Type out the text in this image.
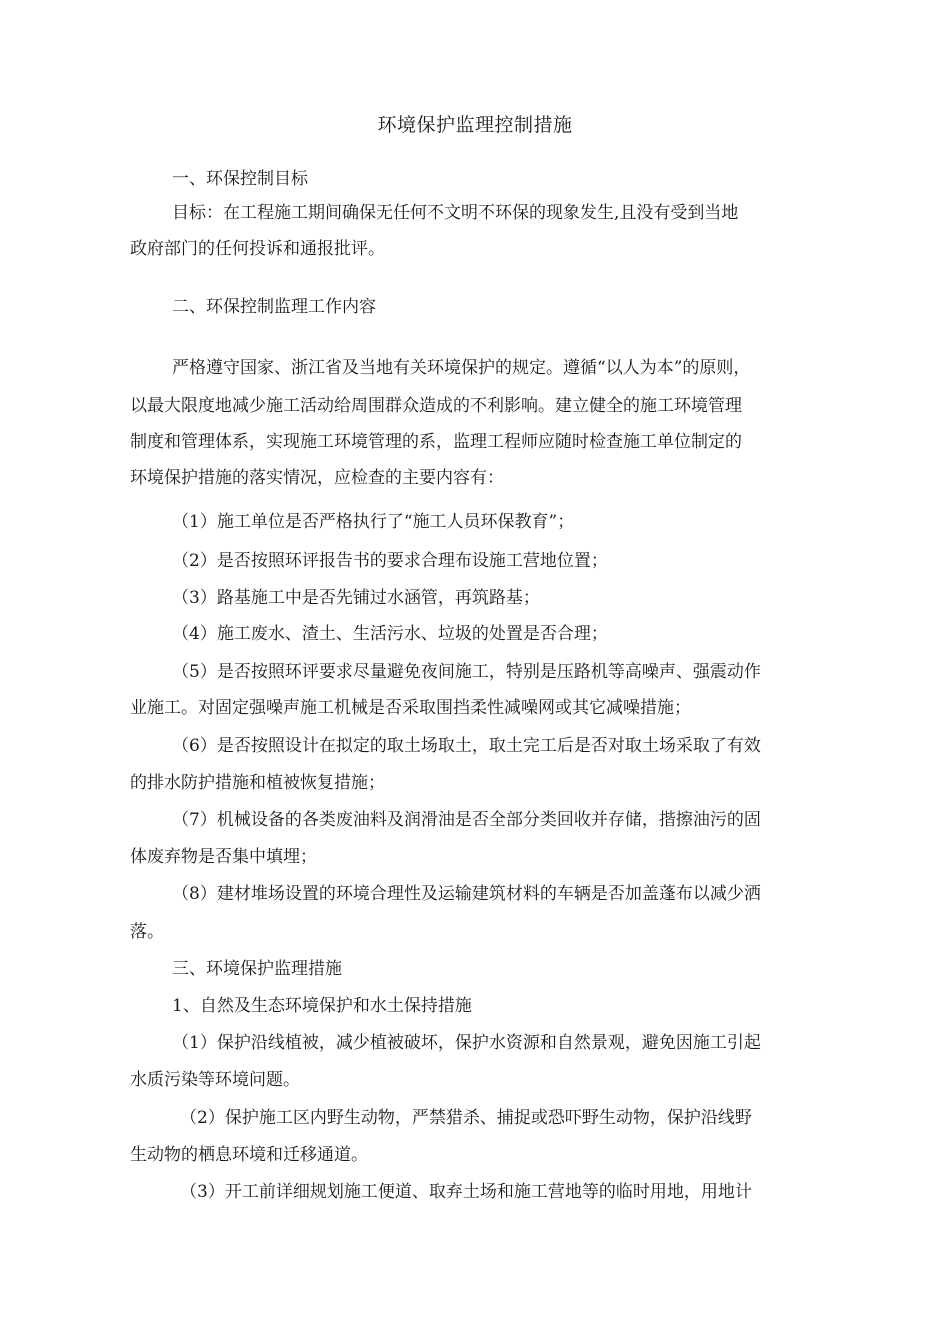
环境保护监理控制措施
一、环保控制目标
目标：在工程施工期间确保无任何不文明不环保的现象发生,且没有受到当地
政府部门的任何投诉和通报批评。
二、环保控制监理工作内容
严格遵守国家、浙江省及当地有关环境保护的规定。遵循“以人为本”的原则，
以最大限度地减少施工活动给周围群众造成的不利影响。建立健全的施工环境管理
制度和管理体系，实现施工环境管理的系，监理工程师应随时检查施工单位制定的
环境保护措施的落实情况，应检查的主要内容有：
（1）施工单位是否严格执行了“施工人员环保教育”；
（2）是否按照环评报告书的要求合理布设施工营地位置；
（3）路基施工中是否先铺过水涵管，再筑路基；
（4）施工废水、渣土、生活污水、垃圾的处置是否合理；
（5）是否按照环评要求尽量避免夜间施工，特别是压路机等高噪声、强震动作
业施工。对固定强噪声施工机械是否采取围挡柔性减噪网或其它减噪措施；
（6）是否按照设计在拟定的取土场取土，取土完工后是否对取土场采取了有效
的排水防护措施和植被恢复措施；
（7）机械设备的各类废油料及润滑油是否全部分类回收并存储，揩擦油污的固
体废弃物是否集中填埋；
（8）建材堆场设置的环境合理性及运输建筑材料的车辆是否加盖蓬布以减少洒
落。
三、环境保护监理措施
1、自然及生态环境保护和水土保持措施
（1）保护沿线植被，减少植被破坏，保护水资源和自然景观，避免因施工引起
水质污染等环境问题。
（2）保护施工区内野生动物，严禁猎杀、捕捉或恐吓野生动物，保护沿线野
生动物的栖息环境和迁移通道。
（3）开工前详细规划施工便道、取弃土场和施工营地等的临时用地，用地计
